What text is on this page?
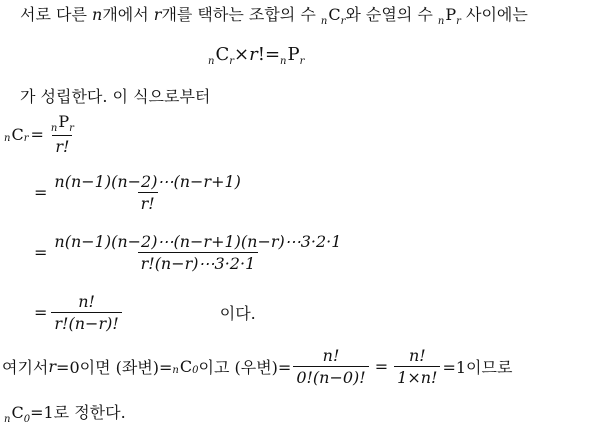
서로 다른 n개에서 r개를 택하는 조합의 수 $_nC_r$와 순열의 수 $_nP_r$ 사이에는
$_nC_r\times r!=_nP_r$
가 성립한다. 이 식으로부터
n C $r = \frac{_nP_r}{r!}$
= $\frac{n(n-1)(n-2)\cdots(n-r+1)}{r!}$
= $\frac{n(n-1)(n-2)\cdots(n-r+1)(n-r)\cdots 3\cdot 2\cdot 1}{r!(n-r)\cdots 3\cdot 2\cdot 1}$
= $\frac{n!}{r!(n-r)!}$	이다.
여기서 r =0이면 (좌변)= n C 0 이고 (우변)= $\frac{n!}{0!(n-0)!} = \frac{n!}{1\times n!} =1$이므로
$_nC_0=1$로 정한다.
